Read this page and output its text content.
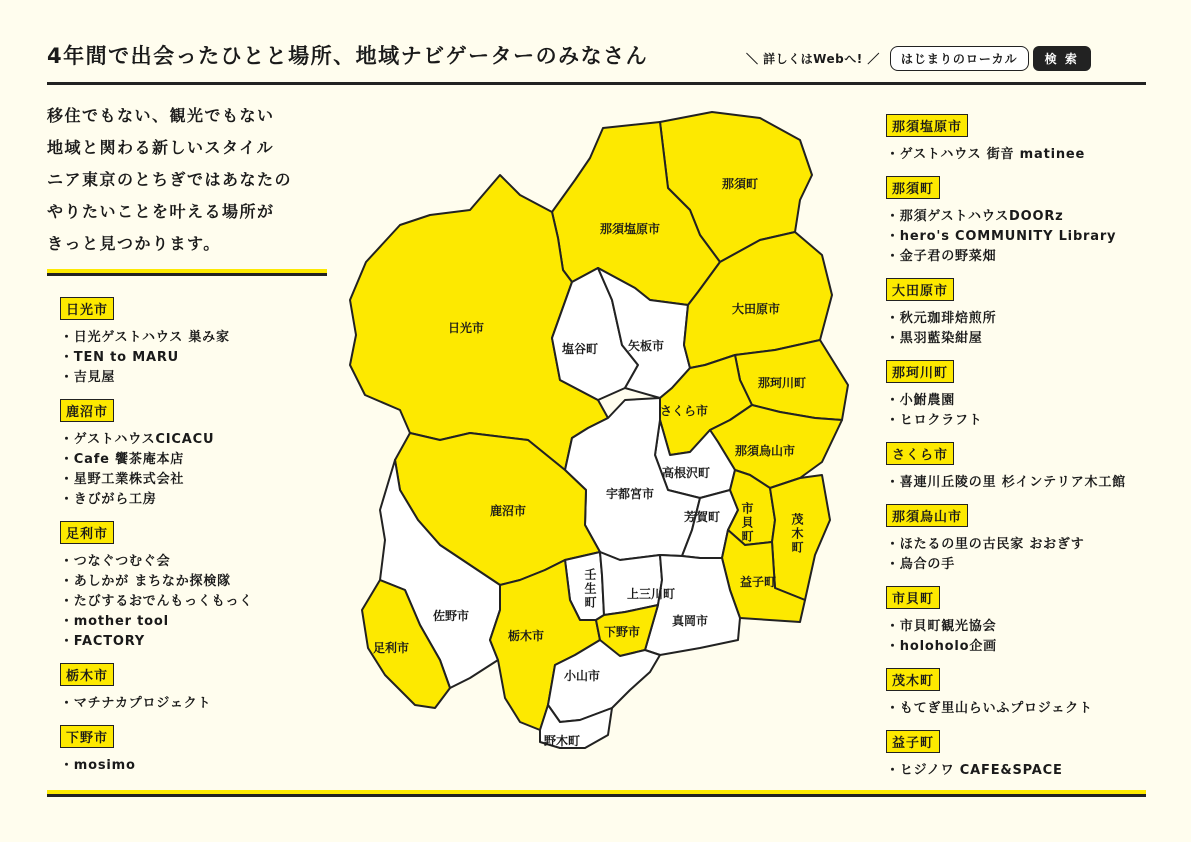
4年間で出会ったひとと場所、地域ナビゲーターのみなさん	＼ 詳しくはWebへ! ／	はじまりのローカル	検 索
移住でもない、観光でもない
地域と関わる新しいスタイル
ニア東京のとちぎではあなたの
やりたいことを叶える場所が
きっと見つかります。
那須町
那須塩原市
日光市
塩谷町 矢板市
大田原市
那珂川町
さくら市
那須烏山市
高根沢町
宇都宮市
芳賀町 市貝町	茂木町
益子町
鹿沼市
壬生町	上三川町
真岡市
佐野市
栃木市	下野市
足利市
小山市
野木町
日光市
・日光ゲストハウス 巣み家
・TEN to MARU
・吉見屋
鹿沼市
・ゲストハウスCICACU
・Cafe 饗茶庵本店
・星野工業株式会社
・きびがら工房
足利市
・つなぐつむぐ会
・あしかが まちなか探検隊
・たびするおでんもっくもっく
・mother tool
・FACTORY
栃木市
・マチナカプロジェクト
下野市
・mosimo
那須塩原市
・ゲストハウス 街音 matinee
那須町
・那須ゲストハウスDOORz
・hero's COMMUNITY Library
・金子君の野菜畑
大田原市
・秋元珈琲焙煎所
・黒羽藍染紺屋
那珂川町
・小鮒農園
・ヒロクラフト
さくら市
・喜連川丘陵の里 杉インテリア木工館
那須烏山市
・ほたるの里の古民家 おおぎす
・烏合の手
市貝町
・市貝町観光協会
・holoholo企画
茂木町
・もてぎ里山らいふプロジェクト
益子町
・ヒジノワ CAFE&SPACE
